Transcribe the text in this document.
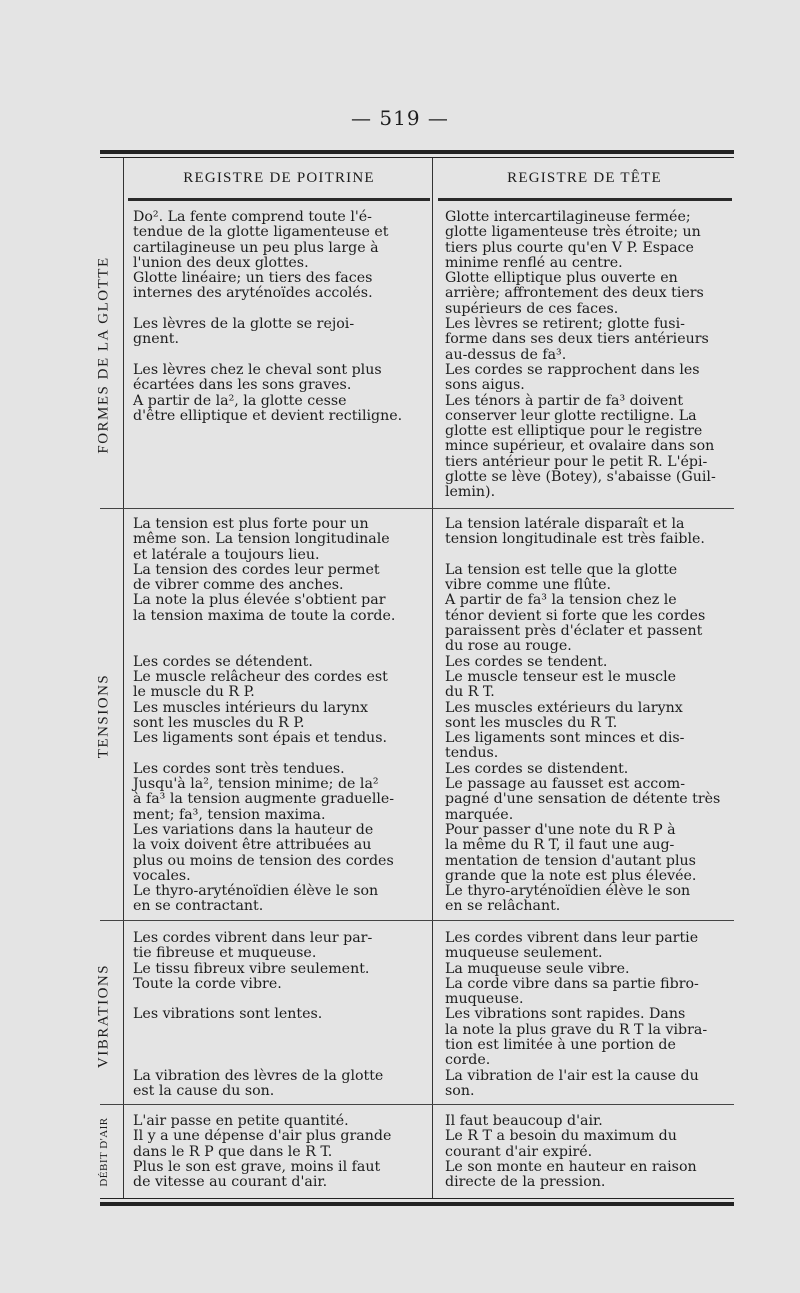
— 519 —
REGISTRE DE POITRINE	REGISTRE DE TÊTE
FORMES DE LA GLOTTE
TENSIONS
VIBRATIONS
DÉBIT D'AIR
Do². La fente comprend toute l'é-
tendue de la glotte ligamenteuse et
cartilagineuse un peu plus large à
l'union des deux glottes.
Glotte linéaire; un tiers des faces
internes des aryténoïdes accolés.

Les lèvres de la glotte se rejoi-
gnent.

Les lèvres chez le cheval sont plus
écartées dans les sons graves.
A partir de la², la glotte cesse
d'être elliptique et devient rectiligne.
Glotte intercartilagineuse fermée;
glotte ligamenteuse très étroite; un
tiers plus courte qu'en V P. Espace
minime renflé au centre.
Glotte elliptique plus ouverte en
arrière; affrontement des deux tiers
supérieurs de ces faces.
Les lèvres se retirent; glotte fusi-
forme dans ses deux tiers antérieurs
au-dessus de fa³.
Les cordes se rapprochent dans les
sons aigus.
Les ténors à partir de fa³ doivent
conserver leur glotte rectiligne. La
glotte est elliptique pour le registre
mince supérieur, et ovalaire dans son
tiers antérieur pour le petit R. L'épi-
glotte se lève (Botey), s'abaisse (Guil-
lemin).
La tension est plus forte pour un
même son. La tension longitudinale
et latérale a toujours lieu.
La tension des cordes leur permet
de vibrer comme des anches.
La note la plus élevée s'obtient par
la tension maxima de toute la corde.

Les cordes se détendent.
Le muscle relâcheur des cordes est
le muscle du R P.
Les muscles intérieurs du larynx
sont les muscles du R P.
Les ligaments sont épais et tendus.

Les cordes sont très tendues.
Jusqu'à la², tension minime; de la²
à fa³ la tension augmente graduelle-
ment; fa³, tension maxima.
Les variations dans la hauteur de
la voix doivent être attribuées au
plus ou moins de tension des cordes
vocales.
Le thyro-aryténoïdien élève le son
en se contractant.
La tension latérale disparaît et la
tension longitudinale est très faible.

La tension est telle que la glotte
vibre comme une flûte.
A partir de fa³ la tension chez le
ténor devient si forte que les cordes
paraissent près d'éclater et passent
du rose au rouge.
Les cordes se tendent.
Le muscle tenseur est le muscle
du R T.
Les muscles extérieurs du larynx
sont les muscles du R T.
Les ligaments sont minces et dis-
tendus.
Les cordes se distendent.
Le passage au fausset est accom-
pagné d'une sensation de détente très
marquée.
Pour passer d'une note du R P à
la même du R T, il faut une aug-
mentation de tension d'autant plus
grande que la note est plus élevée.
Le thyro-aryténoïdien élève le son
en se relâchant.
Les cordes vibrent dans leur par-
tie fibreuse et muqueuse.
Le tissu fibreux vibre seulement.
Toute la corde vibre.

Les vibrations sont lentes.

La vibration des lèvres de la glotte
est la cause du son.
Les cordes vibrent dans leur partie
muqueuse seulement.
La muqueuse seule vibre.
La corde vibre dans sa partie fibro-
muqueuse.
Les vibrations sont rapides. Dans
la note la plus grave du R T la vibra-
tion est limitée à une portion de
corde.
La vibration de l'air est la cause du
son.
L'air passe en petite quantité.
Il y a une dépense d'air plus grande
dans le R P que dans le R T.
Plus le son est grave, moins il faut
de vitesse au courant d'air.
Il faut beaucoup d'air.
Le R T a besoin du maximum du
courant d'air expiré.
Le son monte en hauteur en raison
directe de la pression.
